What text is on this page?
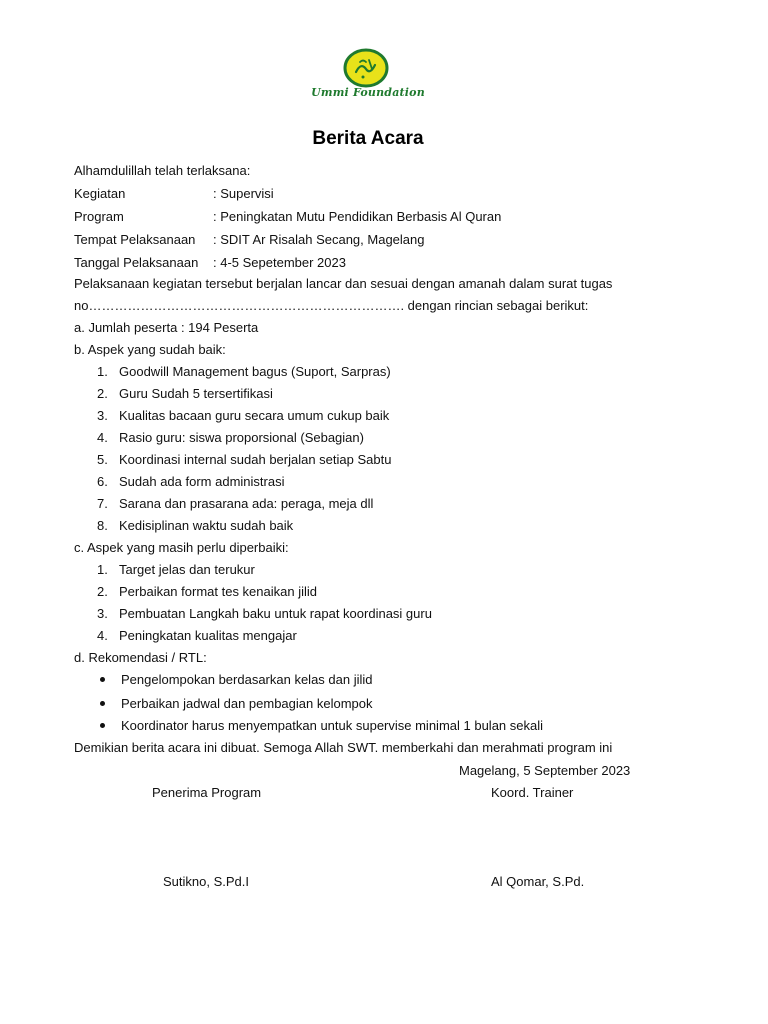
Ummi Foundation
Berita Acara
Alhamdulillah telah terlaksana:
Kegiatan	: Supervisi
Program	: Peningkatan Mutu Pendidikan Berbasis Al Quran
Tempat Pelaksanaan : SDIT Ar Risalah Secang, Magelang
Tanggal Pelaksanaan : 4-5 Sepetember 2023
Pelaksanaan kegiatan tersebut berjalan lancar dan sesuai dengan amanah dalam surat tugas
no………………………………………………………………. dengan rincian sebagai berikut:
a. Jumlah peserta : 194 Peserta
b. Aspek yang sudah baik:
1. Goodwill Management bagus (Suport, Sarpras)
2. Guru Sudah 5 tersertifikasi
3. Kualitas bacaan guru secara umum cukup baik
4. Rasio guru: siswa proporsional (Sebagian)
5. Koordinasi internal sudah berjalan setiap Sabtu
6. Sudah ada form administrasi
7. Sarana dan prasarana ada: peraga, meja dll
8. Kedisiplinan waktu sudah baik
c. Aspek yang masih perlu diperbaiki:
1. Target jelas dan terukur
2. Perbaikan format tes kenaikan jilid
3. Pembuatan Langkah baku untuk rapat koordinasi guru
4. Peningkatan kualitas mengajar
d. Rekomendasi / RTL:
Pengelompokan berdasarkan kelas dan jilid
Perbaikan jadwal dan pembagian kelompok
Koordinator harus menyempatkan untuk supervise minimal 1 bulan sekali
Demikian berita acara ini dibuat. Semoga Allah SWT. memberkahi dan merahmati program ini
Magelang, 5 September 2023
Penerima Program	Koord. Trainer
Sutikno, S.Pd.I	Al Qomar, S.Pd.
